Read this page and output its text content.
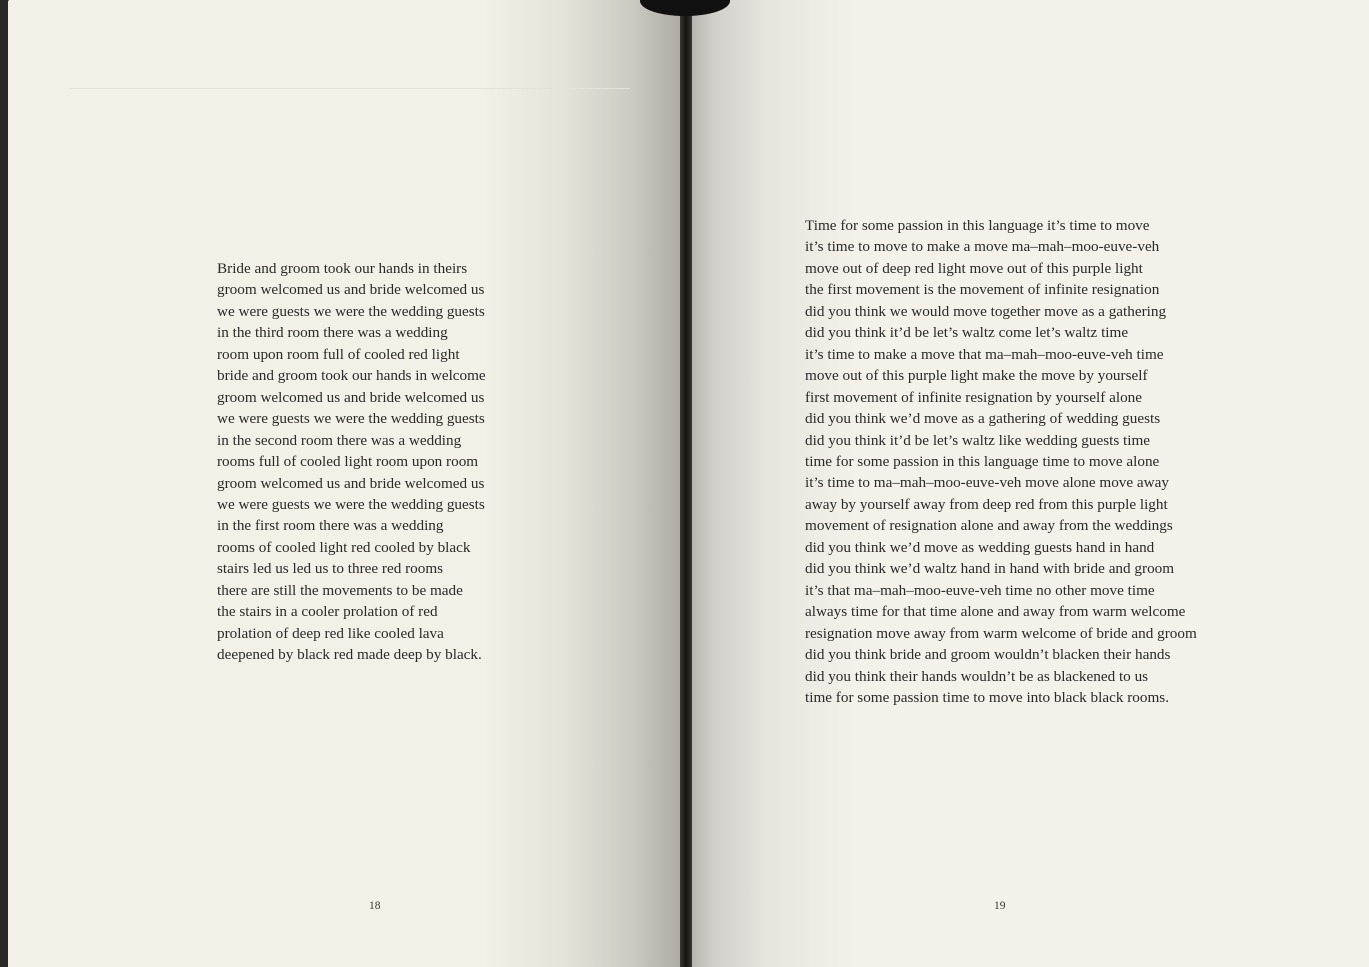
Bride and groom took our hands in theirs
groom welcomed us and bride welcomed us
we were guests we were the wedding guests
in the third room there was a wedding
room upon room full of cooled red light
bride and groom took our hands in welcome
groom welcomed us and bride welcomed us
we were guests we were the wedding guests
in the second room there was a wedding
rooms full of cooled light room upon room
groom welcomed us and bride welcomed us
we were guests we were the wedding guests
in the first room there was a wedding
rooms of cooled light red cooled by black
stairs led us led us to three red rooms
there are still the movements to be made
the stairs in a cooler prolation of red
prolation of deep red like cooled lava
deepened by black red made deep by black.
18
Time for some passion in this language it’s time to move
it’s time to move to make a move ma–mah–moo-euve-veh
move out of deep red light move out of this purple light
the first movement is the movement of infinite resignation
did you think we would move together move as a gathering
did you think it’d be let’s waltz come let’s waltz time
it’s time to make a move that ma–mah–moo-euve-veh time
move out of this purple light make the move by yourself
first movement of infinite resignation by yourself alone
did you think we’d move as a gathering of wedding guests
did you think it’d be let’s waltz like wedding guests time
time for some passion in this language time to move alone
it’s time to ma–mah–moo-euve-veh move alone move away
away by yourself away from deep red from this purple light
movement of resignation alone and away from the weddings
did you think we’d move as wedding guests hand in hand
did you think we’d waltz hand in hand with bride and groom
it’s that ma–mah–moo-euve-veh time no other move time
always time for that time alone and away from warm welcome
resignation move away from warm welcome of bride and groom
did you think bride and groom wouldn’t blacken their hands
did you think their hands wouldn’t be as blackened to us
time for some passion time to move into black black rooms.
19
